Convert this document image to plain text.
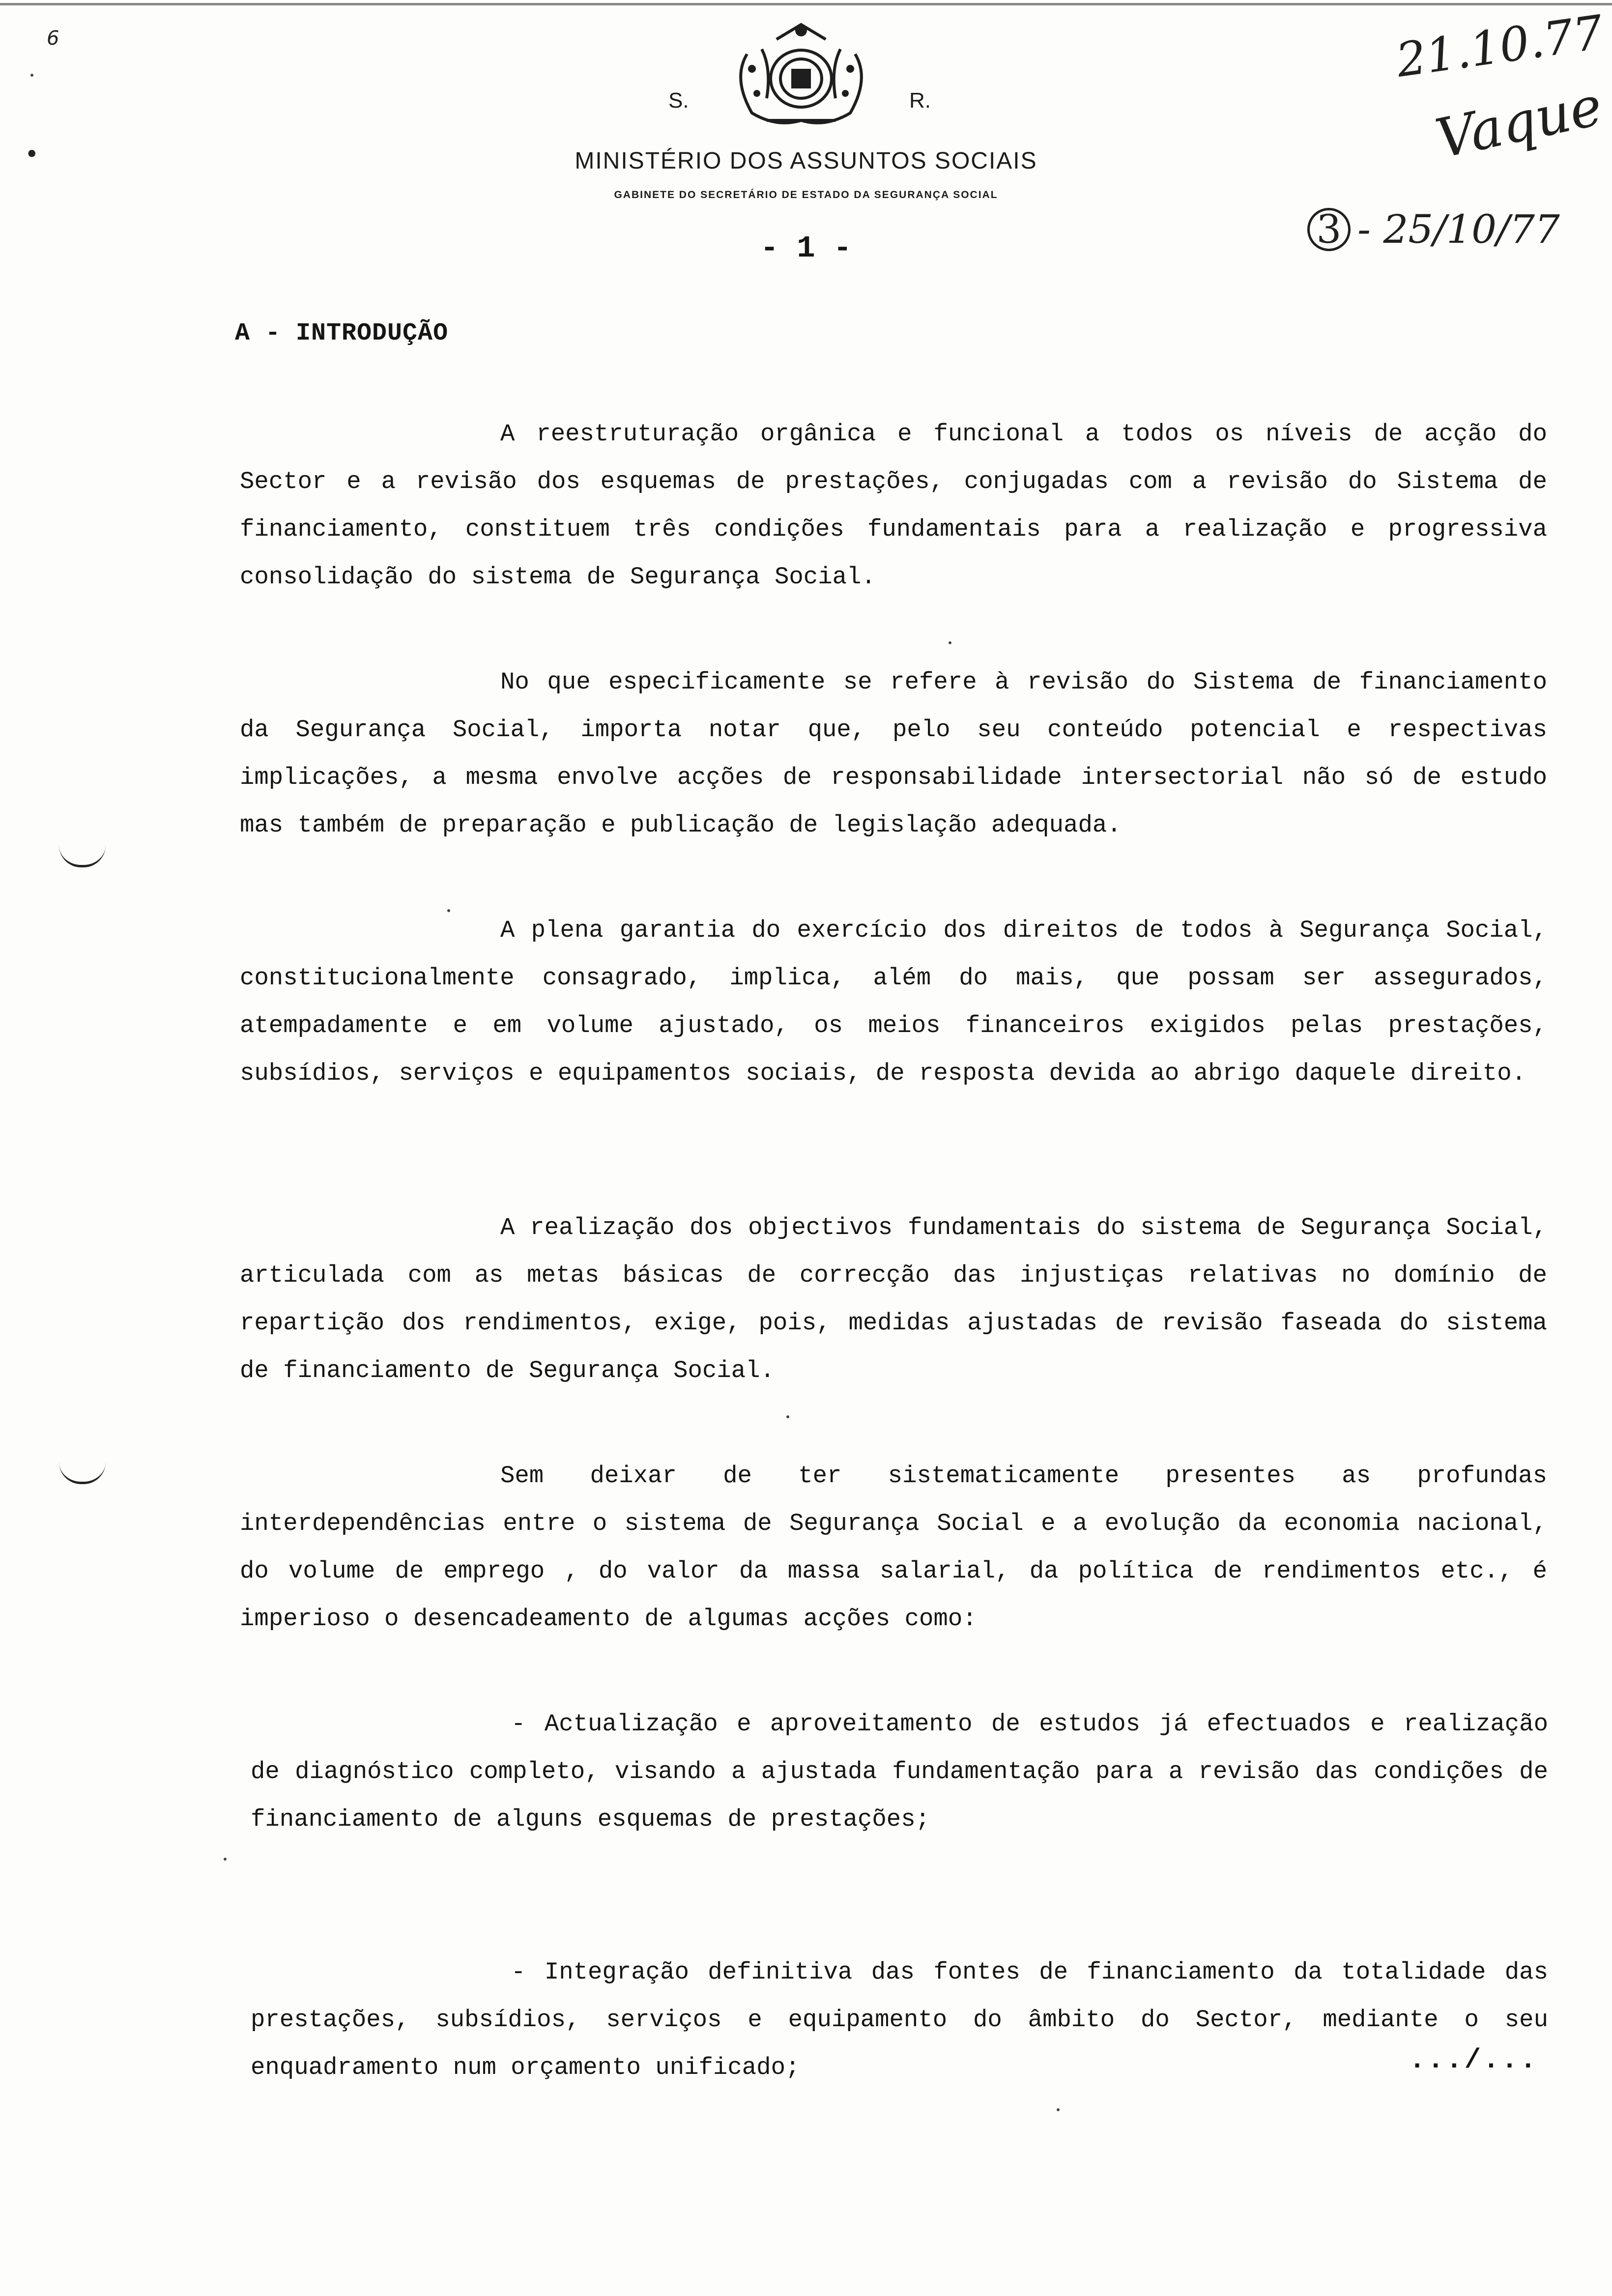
S.	R.
MINISTÉRIO DOS ASSUNTOS SOCIAIS
GABINETE DO SECRETÁRIO DE ESTADO DA SEGURANÇA SOCIAL
- 1 -
21.10.77
Vaque
3 - 25/10/77
6
•
A - INTRODUÇÃO

A reestruturação orgânica e funcional a todos os níveis de acção do Sector e a revisão dos esquemas de prestações, conjugadas com a revisão do Sistema de financiamento, constituem três condições fundamentais para a realização e progressiva consolidação do sistema de Segurança Social.

No que especificamente se refere à revisão do Sistema de financiamento da Segurança Social, importa notar que, pelo seu conteúdo potencial e respectivas implicações, a mesma envolve acções de responsabilidade intersectorial não só de estudo mas também de preparação e publicação de legislação adequada.

A plena garantia do exercício dos direitos de todos à Segurança Social, constitucionalmente consagrado, implica, além do mais, que possam ser assegurados, atempadamente e em volume ajustado, os meios financeiros exigidos pelas prestações, subsídios, serviços e equipamentos sociais, de resposta devida ao abrigo daquele direito.

A realização dos objectivos fundamentais do sistema de Segurança Social, articulada com as metas básicas de correcção das injustiças relativas no domínio de repartição dos rendimentos, exige, pois, medidas ajustadas de revisão faseada do sistema de financiamento de Segurança Social.

Sem deixar de ter sistematicamente presentes as profundas interdependências entre o sistema de Segurança Social e a evolução da economia nacional, do volume de emprego , do valor da massa salarial, da política de rendimentos etc., é imperioso o desencadeamento de algumas acções como:

- Actualização e aproveitamento de estudos já efectuados e realização de diagnóstico completo, visando a ajustada fundamentação para a revisão das condições de financiamento de alguns esquemas de prestações;

- Integração definitiva das fontes de financiamento da totalidade das prestações, subsídios, serviços e equipamento do âmbito do Sector, mediante o seu enquadramento num orçamento unificado;	.../...
